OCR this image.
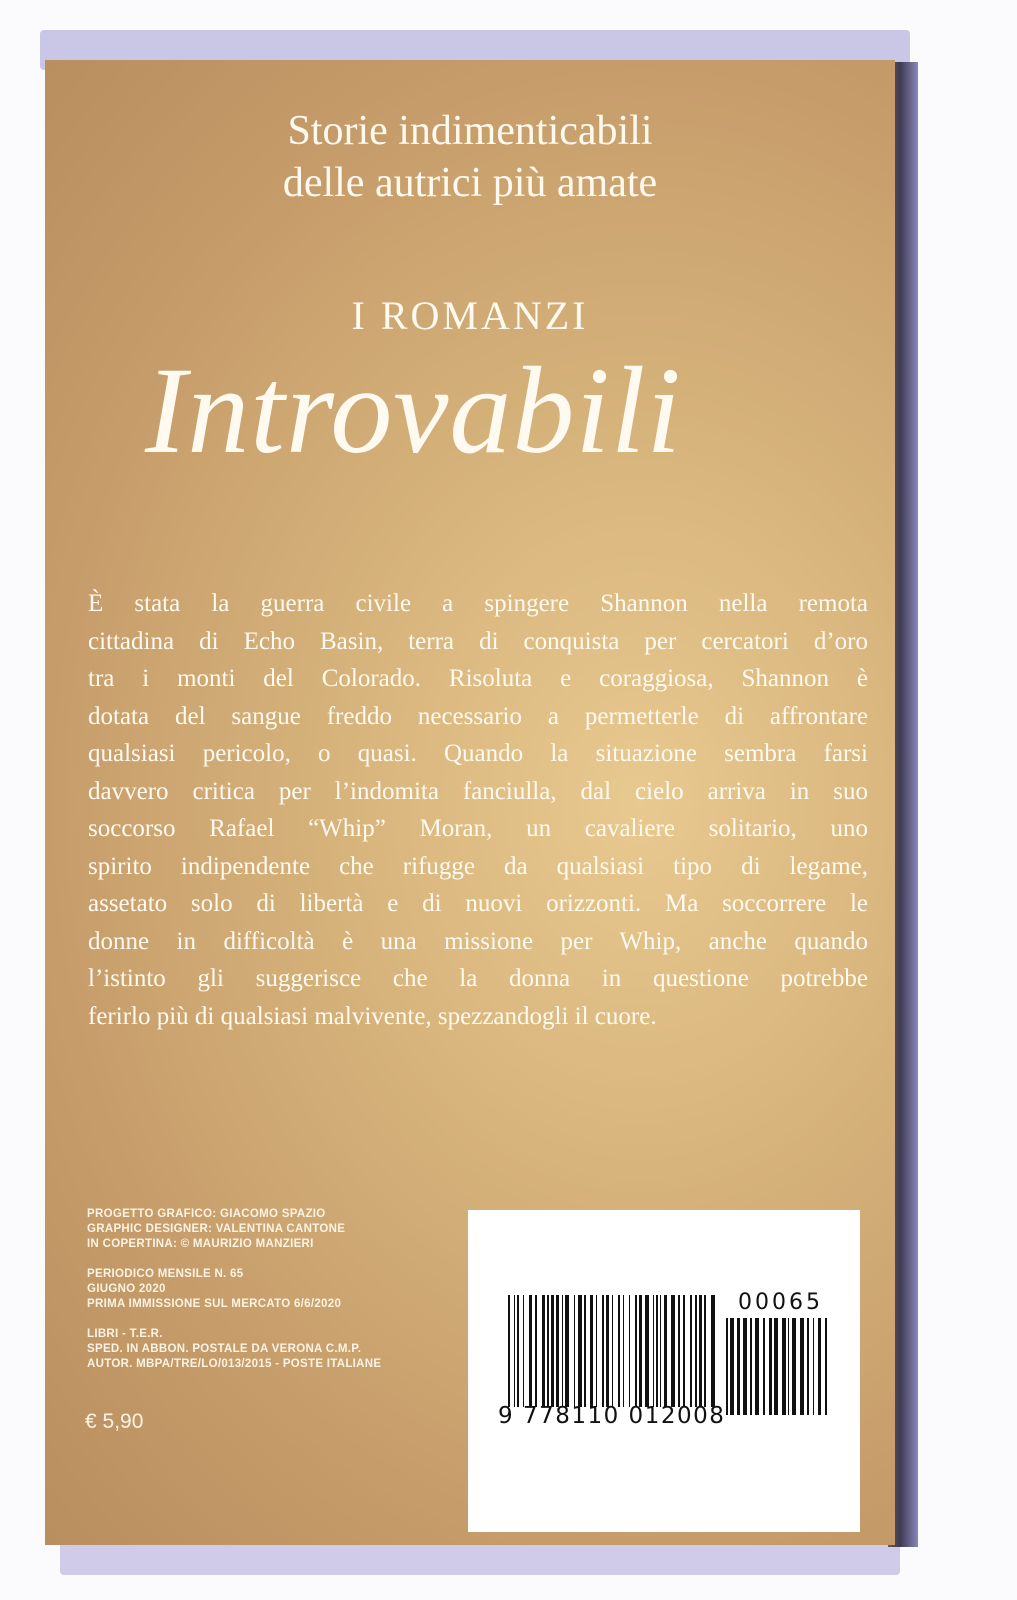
Storie indimenticabili
delle autrici più amate
I ROMANZI
Introvabili
È stata la guerra civile a spingere Shannon nella remota
cittadina di Echo Basin, terra di conquista per cercatori d’oro
tra i monti del Colorado. Risoluta e coraggiosa, Shannon è
dotata del sangue freddo necessario a permetterle di affrontare
qualsiasi pericolo, o quasi. Quando la situazione sembra farsi
davvero critica per l’indomita fanciulla, dal cielo arriva in suo
soccorso Rafael “Whip” Moran, un cavaliere solitario, uno
spirito indipendente che rifugge da qualsiasi tipo di legame,
assetato solo di libertà e di nuovi orizzonti. Ma soccorrere le
donne in difficoltà è una missione per Whip, anche quando
l’istinto gli suggerisce che la donna in questione potrebbe
ferirlo più di qualsiasi malvivente, spezzandogli il cuore.
PROGETTO GRAFICO: GIACOMO SPAZIO
GRAPHIC DESIGNER: VALENTINA CANTONE
IN COPERTINA: © MAURIZIO MANZIERI
PERIODICO MENSILE N. 65
GIUGNO 2020
PRIMA IMMISSIONE SUL MERCATO 6/6/2020
LIBRI - T.E.R.
SPED. IN ABBON. POSTALE DA VERONA C.M.P.
AUTOR. MBPA/TRE/LO/013/2015 - POSTE ITALIANE
€ 5,90
00065
9 778110 012008
